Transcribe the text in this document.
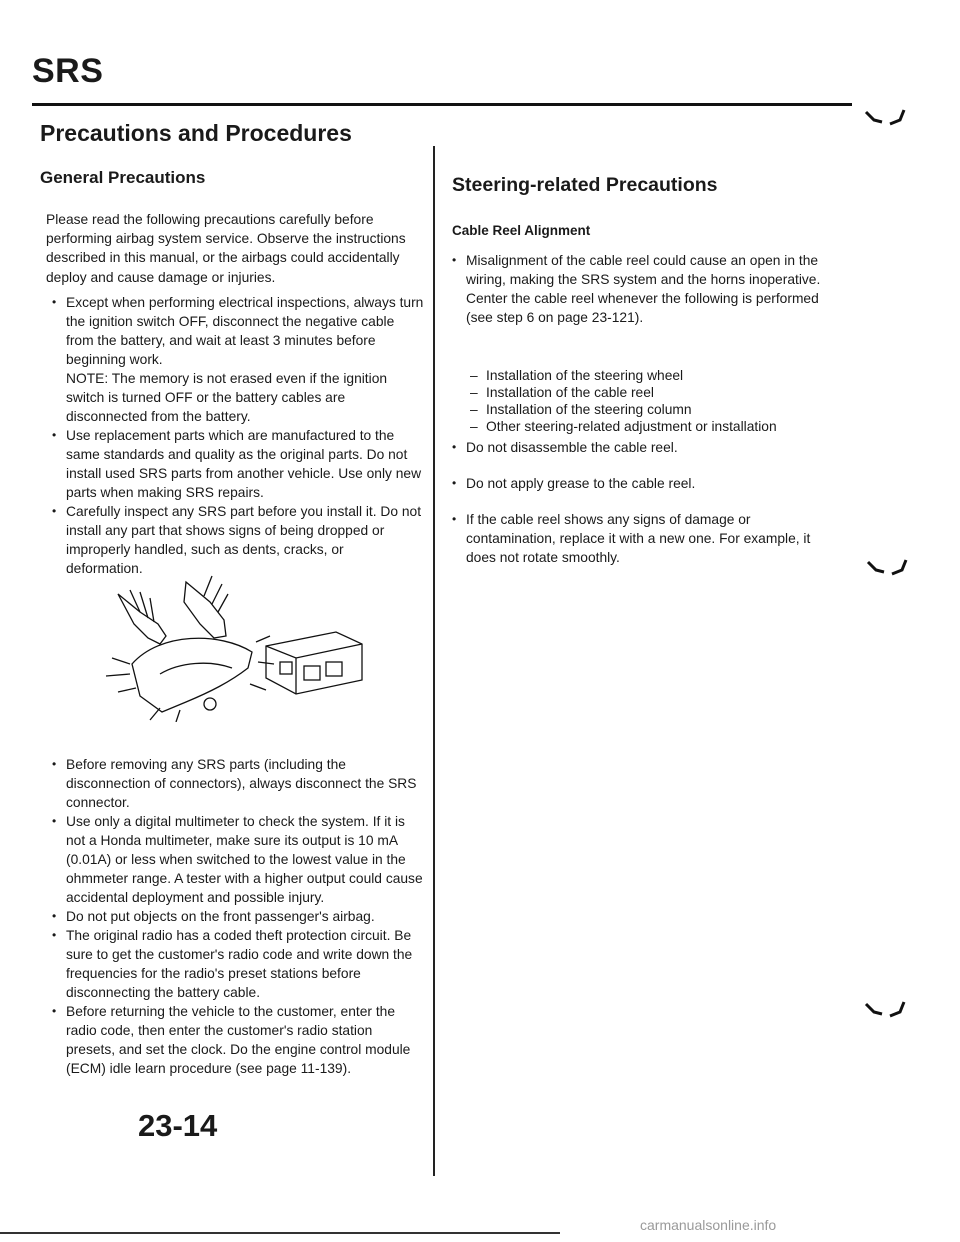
SRS
Precautions and Procedures
General Precautions
Please read the following precautions carefully before performing airbag system service. Observe the instructions described in this manual, or the airbags could accidentally deploy and cause damage or injuries.
• Except when performing electrical inspections, always turn the ignition switch OFF, disconnect the negative cable from the battery, and wait at least 3 minutes before beginning work.
NOTE: The memory is not erased even if the ignition switch is turned OFF or the battery cables are disconnected from the battery.
• Use replacement parts which are manufactured to the same standards and quality as the original parts. Do not install used SRS parts from another vehicle. Use only new parts when making SRS repairs.
• Carefully inspect any SRS part before you install it. Do not install any part that shows signs of being dropped or improperly handled, such as dents, cracks, or deformation.
• Before removing any SRS parts (including the disconnection of connectors), always disconnect the SRS connector.
• Use only a digital multimeter to check the system. If it is not a Honda multimeter, make sure its output is 10 mA (0.01A) or less when switched to the lowest value in the ohmmeter range. A tester with a higher output could cause accidental deployment and possible injury.
• Do not put objects on the front passenger's airbag.
• The original radio has a coded theft protection circuit. Be sure to get the customer's radio code and write down the frequencies for the radio's preset stations before disconnecting the battery cable.
• Before returning the vehicle to the customer, enter the radio code, then enter the customer's radio station presets, and set the clock. Do the engine control module (ECM) idle learn procedure (see page 11-139).
Steering-related Precautions
Cable Reel Alignment
• Misalignment of the cable reel could cause an open in the wiring, making the SRS system and the horns inoperative. Center the cable reel whenever the following is performed (see step 6 on page 23-121).
– Installation of the steering wheel
– Installation of the cable reel
– Installation of the steering column
– Other steering-related adjustment or installation
• Do not disassemble the cable reel.
• Do not apply grease to the cable reel.
• If the cable reel shows any signs of damage or contamination, replace it with a new one. For example, it does not rotate smoothly.
23-14
carmanualsonline.info
